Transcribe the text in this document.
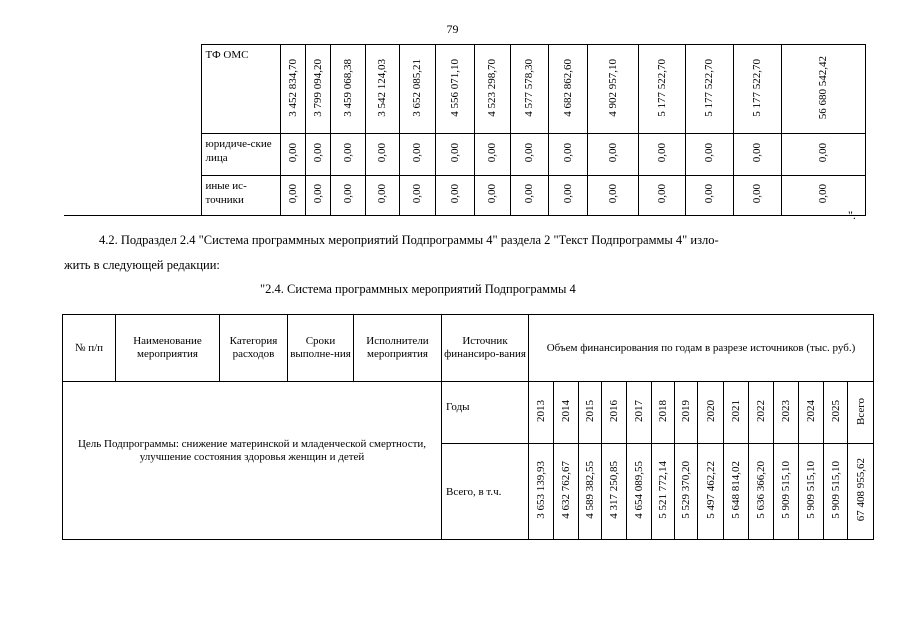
79
	ТФ ОМС	3 452 834,70	3 799 094,20	3 459 068,38	3 542 124,03	3 652 085,21	4 556 071,10	4 523 298,70	4 577 578,30	4 682 862,60	4 902 957,10	5 177 522,70	5 177 522,70	5 177 522,70	56 680 542,42
	юридиче-ские лица	0,00	0,00	0,00	0,00	0,00	0,00	0,00	0,00	0,00	0,00	0,00	0,00	0,00	0,00
	иные ис-точники	0,00	0,00	0,00	0,00	0,00	0,00	0,00	0,00	0,00	0,00	0,00	0,00	0,00	0,00
".
4.2. Подраздел 2.4 "Система программных мероприятий Подпрограммы 4" раздела 2 "Текст Подпрограммы 4" изло-
жить в следующей редакции:
"2.4. Система программных мероприятий Подпрограммы 4
№ п/п	Наименование мероприятия	Категория расходов	Сроки выполне-ния	Исполнители мероприятия	Источник финансиро-вания	Объем финансирования по годам в разрезе источников (тыс. руб.)													
Цель Подпрограммы: снижение материнской и младенческой смертности, улучшение состояния здоровья женщин и детей					Годы	2013	2014	2015	2016	2017	2018	2019	2020	2021	2022	2023	2024	2025	Всего
					Всего, в т.ч.	3 653 139,93	4 632 762,67	4 589 382,55	4 317 250,85	4 654 089,55	5 521 772,14	5 529 370,20	5 497 462,22	5 648 814,02	5 636 366,20	5 909 515,10	5 909 515,10	5 909 515,10	67 408 955,62
